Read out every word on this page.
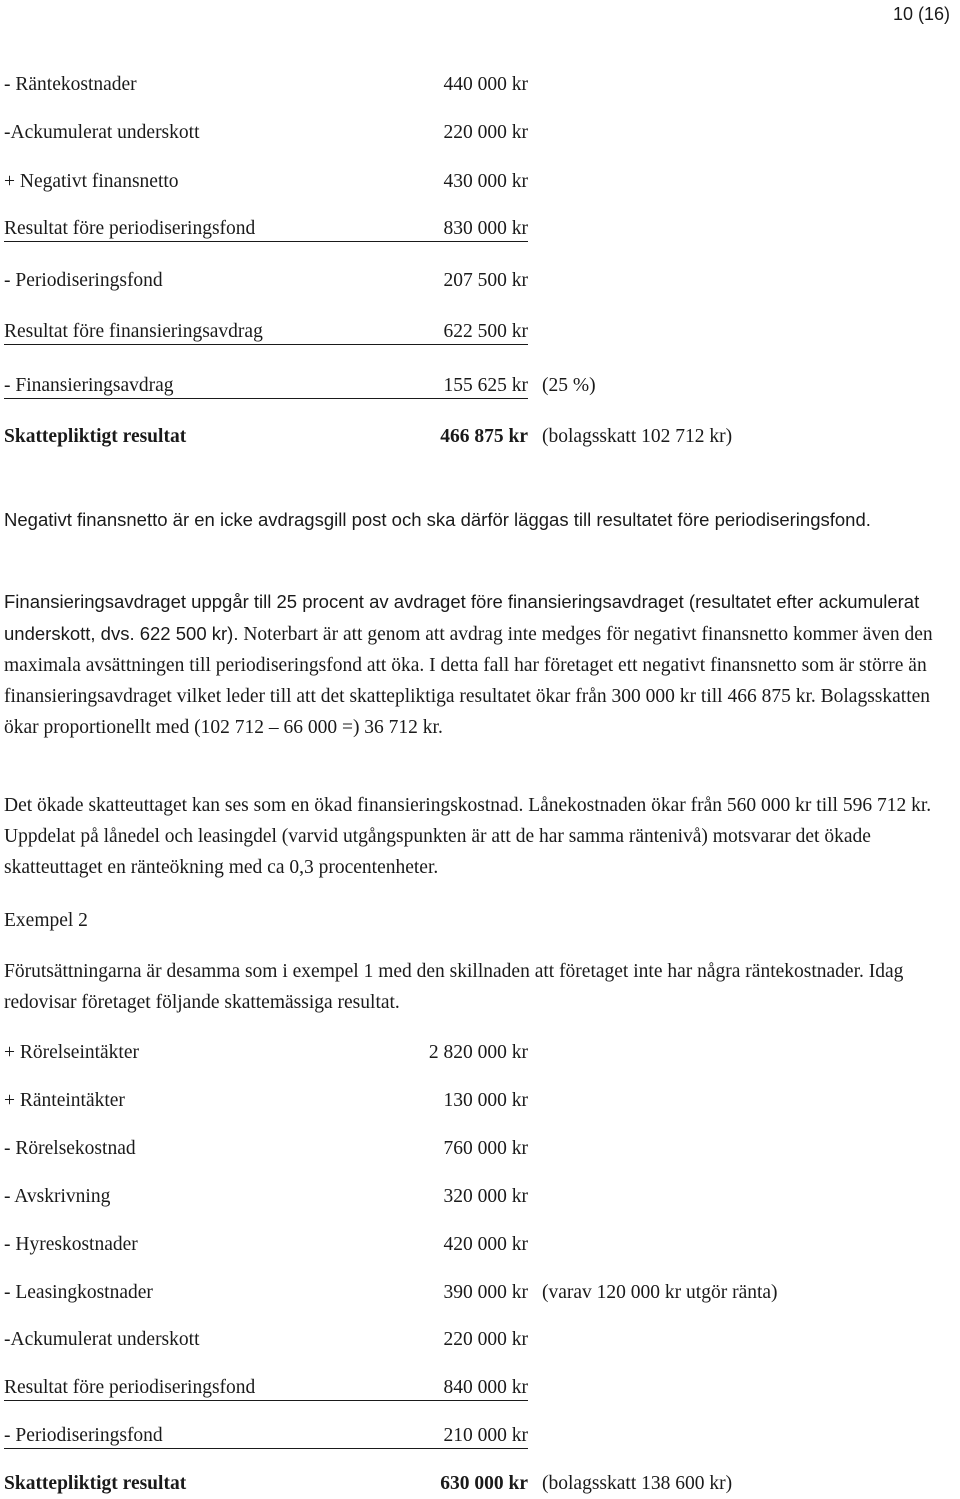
10 (16)
- Räntekostnader	440 000 kr
-Ackumulerat underskott	220 000 kr
+ Negativt finansnetto	430 000 kr
Resultat före periodiseringsfond	830 000 kr
- Periodiseringsfond	207 500 kr
Resultat före finansieringsavdrag	622 500 kr
- Finansieringsavdrag	155 625 kr (25 %)
Skattepliktigt resultat	466 875 kr (bolagsskatt 102 712 kr)

Negativt finansnetto är en icke avdragsgill post och ska därför läggas till resultatet före periodiseringsfond.

Finansieringsavdraget uppgår till 25 procent av avdraget före finansieringsavdraget (resultatet efter ackumulerat underskott, dvs. 622 500 kr). Noterbart är att genom att avdrag inte medges för negativt finansnetto kommer även den maximala avsättningen till periodiseringsfond att öka. I detta fall har företaget ett negativt finansnetto som är större än finansieringsavdraget vilket leder till att det skattepliktiga resultatet ökar från 300 000 kr till 466 875 kr. Bolagsskatten ökar proportionellt med (102 712 – 66 000 =) 36 712 kr.

Det ökade skatteuttaget kan ses som en ökad finansieringskostnad. Lånekostnaden ökar från 560 000 kr till 596 712 kr. Uppdelat på lånedel och leasingdel (varvid utgångspunkten är att de har samma räntenivå) motsvarar det ökade skatteuttaget en ränteökning med ca 0,3 procentenheter.

Exempel 2

Förutsättningarna är desamma som i exempel 1 med den skillnaden att företaget inte har några räntekostnader. Idag redovisar företaget följande skattemässiga resultat.

+ Rörelseintäkter	2 820 000 kr
+ Ränteintäkter	130 000 kr
- Rörelsekostnad	760 000 kr
- Avskrivning	320 000 kr
- Hyreskostnader	420 000 kr
- Leasingkostnader	390 000 kr (varav 120 000 kr utgör ränta)
-Ackumulerat underskott	220 000 kr
Resultat före periodiseringsfond	840 000 kr
- Periodiseringsfond	210 000 kr
Skattepliktigt resultat	630 000 kr (bolagsskatt 138 600 kr)
